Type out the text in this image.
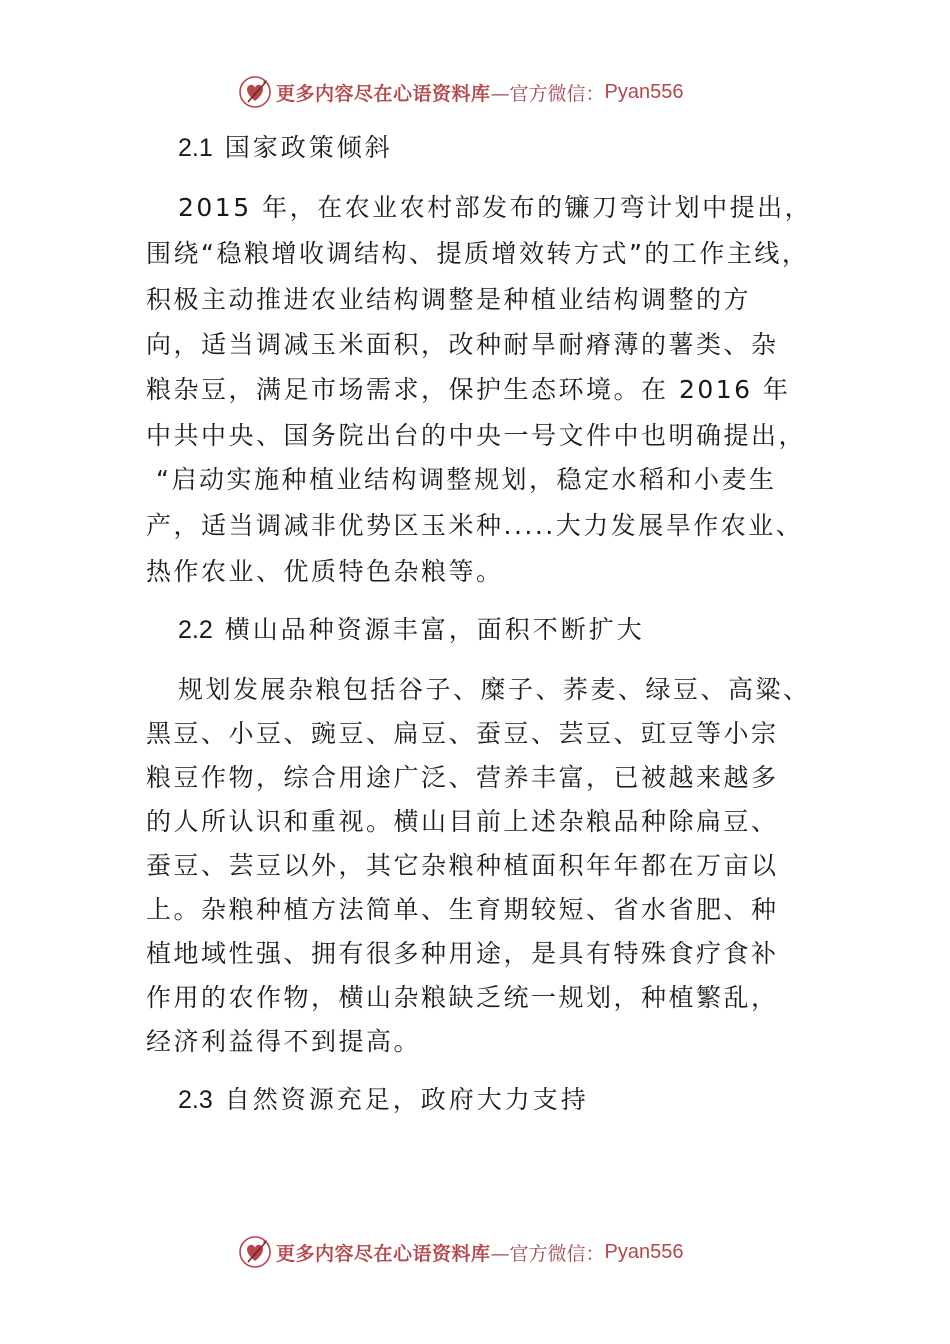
更多内容尽在心语资料库 —官方微信： Pyan556
2.1 国家政策倾斜
2015 年，在农业农村部发布的镰刀弯计划中提出，
围绕“稳粮增收调结构、提质增效转方式”的工作主线，
积极主动推进农业结构调整是种植业结构调整的方
向，适当调减玉米面积，改种耐旱耐瘠薄的薯类、杂
粮杂豆，满足市场需求，保护生态环境。在 2016 年
中共中央、国务院出台的中央一号文件中也明确提出，
“启动实施种植业结构调整规划，稳定水稻和小麦生
产，适当调减非优势区玉米种.....大力发展旱作农业、
热作农业、优质特色杂粮等。
2.2 横山品种资源丰富，面积不断扩大
规划发展杂粮包括谷子、糜子、荞麦、绿豆、高粱、
黑豆、小豆、豌豆、扁豆、蚕豆、芸豆、豇豆等小宗
粮豆作物，综合用途广泛、营养丰富，已被越来越多
的人所认识和重视。横山目前上述杂粮品种除扁豆、
蚕豆、芸豆以外，其它杂粮种植面积年年都在万亩以
上。杂粮种植方法简单、生育期较短、省水省肥、种
植地域性强、拥有很多种用途，是具有特殊食疗食补
作用的农作物，横山杂粮缺乏统一规划，种植繁乱，
经济利益得不到提高。
2.3 自然资源充足，政府大力支持
更多内容尽在心语资料库 —官方微信： Pyan556
